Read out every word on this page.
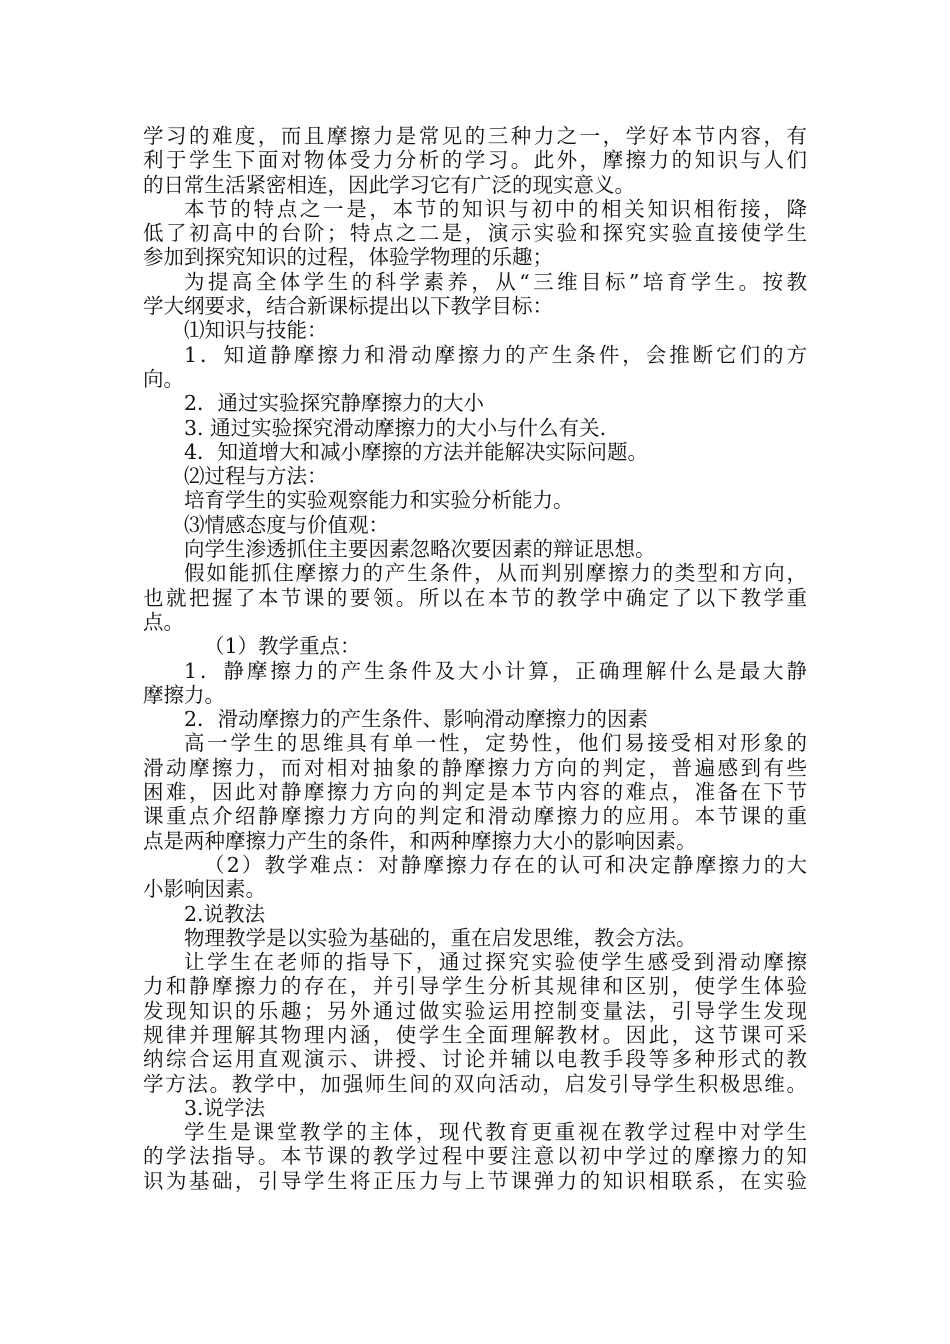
学习的难度，而且摩擦力是常见的三种力之一，学好本节内容，有
利于学生下面对物体受力分析的学习。此外，摩擦力的知识与人们
的日常生活紧密相连，因此学习它有广泛的现实意义。
本节的特点之一是，本节的知识与初中的相关知识相衔接，降
低了初高中的台阶；特点之二是，演示实验和探究实验直接使学生
参加到探究知识的过程，体验学物理的乐趣；
为提高全体学生的科学素养，从“三维目标”培育学生。按教
学大纲要求，结合新课标提出以下教学目标：
⑴知识与技能：
1．知道静摩擦力和滑动摩擦力的产生条件，会推断它们的方
向。
2．通过实验探究静摩擦力的大小
3. 通过实验探究滑动摩擦力的大小与什么有关.
4．知道增大和减小摩擦的方法并能解决实际问题。
⑵过程与方法：
培育学生的实验观察能力和实验分析能力。
⑶情感态度与价值观：
向学生渗透抓住主要因素忽略次要因素的辩证思想。
假如能抓住摩擦力的产生条件，从而判别摩擦力的类型和方向，
也就把握了本节课的要领。所以在本节的教学中确定了以下教学重
点。
（1）教学重点：
1．静摩擦力的产生条件及大小计算，正确理解什么是最大静
摩擦力。
2．滑动摩擦力的产生条件、影响滑动摩擦力的因素
高一学生的思维具有单一性，定势性，他们易接受相对形象的
滑动摩擦力，而对相对抽象的静摩擦力方向的判定，普遍感到有些
困难，因此对静摩擦力方向的判定是本节内容的难点，准备在下节
课重点介绍静摩擦力方向的判定和滑动摩擦力的应用。本节课的重
点是两种摩擦力产生的条件，和两种摩擦力大小的影响因素。
（2）教学难点：对静摩擦力存在的认可和决定静摩擦力的大
小影响因素。
2.说教法
物理教学是以实验为基础的，重在启发思维，教会方法。
让学生在老师的指导下，通过探究实验使学生感受到滑动摩擦
力和静摩擦力的存在，并引导学生分析其规律和区别，使学生体验
发现知识的乐趣；另外通过做实验运用控制变量法，引导学生发现
规律并理解其物理内涵，使学生全面理解教材。因此，这节课可采
纳综合运用直观演示、讲授、讨论并辅以电教手段等多种形式的教
学方法。教学中，加强师生间的双向活动，启发引导学生积极思维。
3.说学法
学生是课堂教学的主体，现代教育更重视在教学过程中对学生
的学法指导。本节课的教学过程中要注意以初中学过的摩擦力的知
识为基础，引导学生将正压力与上节课弹力的知识相联系，在实验
